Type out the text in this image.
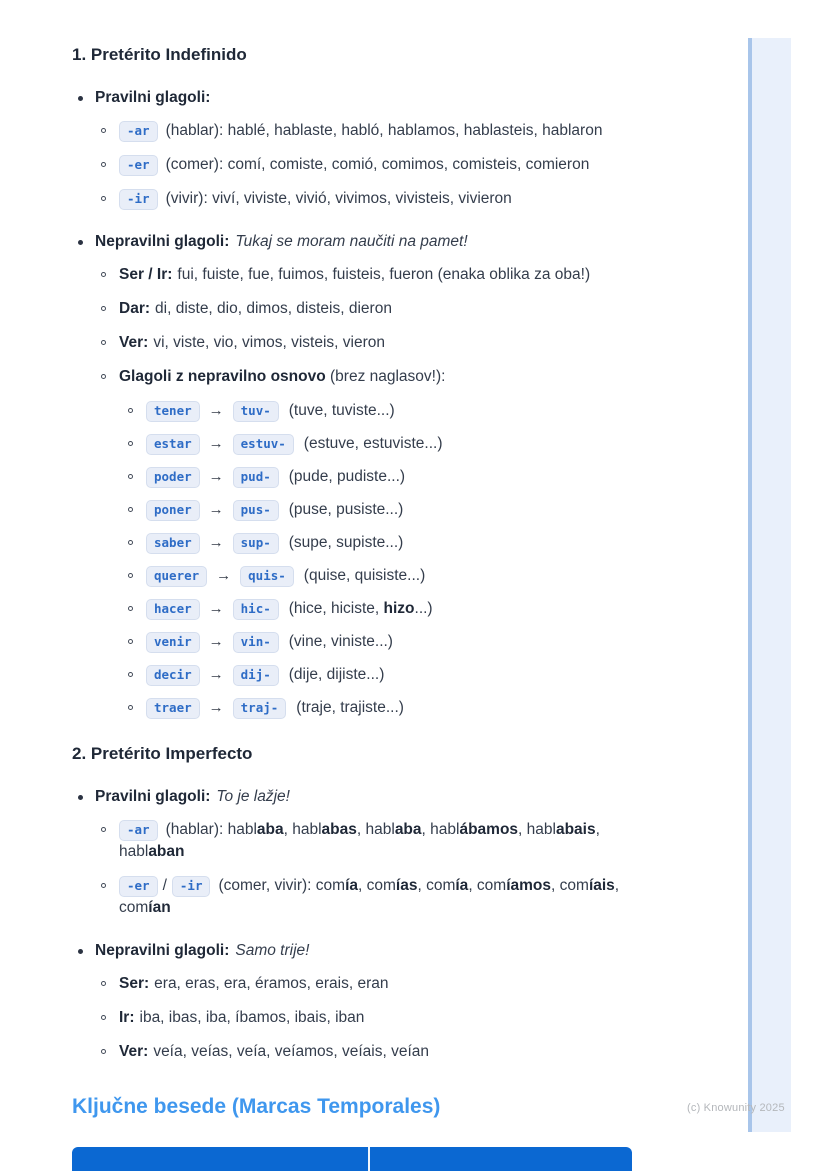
1. Pretérito Indefinido
Pravilni glagoli:
-ar (hablar): hablé, hablaste, habló, hablamos, hablasteis, hablaron
-er (comer): comí, comiste, comió, comimos, comisteis, comieron
-ir (vivir): viví, viviste, vivió, vivimos, vivisteis, vivieron
Nepravilni glagoli: Tukaj se moram naučiti na pamet!
Ser / Ir: fui, fuiste, fue, fuimos, fuisteis, fueron (enaka oblika za oba!)
Dar: di, diste, dio, dimos, disteis, dieron
Ver: vi, viste, vio, vimos, visteis, vieron
Glagoli z nepravilno osnovo (brez naglasov!):
tener → tuv- (tuve, tuviste...)
estar → estuv- (estuve, estuviste...)
poder → pud- (pude, pudiste...)
poner → pus- (puse, pusiste...)
saber → sup- (supe, supiste...)
querer → quis- (quise, quisiste...)
hacer → hic- (hice, hiciste, hizo...)
venir → vin- (vine, viniste...)
decir → dij- (dije, dijiste...)
traer → traj- (traje, trajiste...)
2. Pretérito Imperfecto
Pravilni glagoli: To je lažje!
-ar (hablar): hablaba, hablabas, hablaba, hablábamos, hablabais, hablaban
-er / -ir (comer, vivir): comía, comías, comía, comíamos, comíais, comían
Nepravilni glagoli: Samo trije!
Ser: era, eras, era, éramos, erais, eran
Ir: iba, ibas, iba, íbamos, ibais, iban
Ver: veía, veías, veía, veíamos, veíais, veían
Ključne besede (Marcas Temporales)	(c) Knowunity 2025
